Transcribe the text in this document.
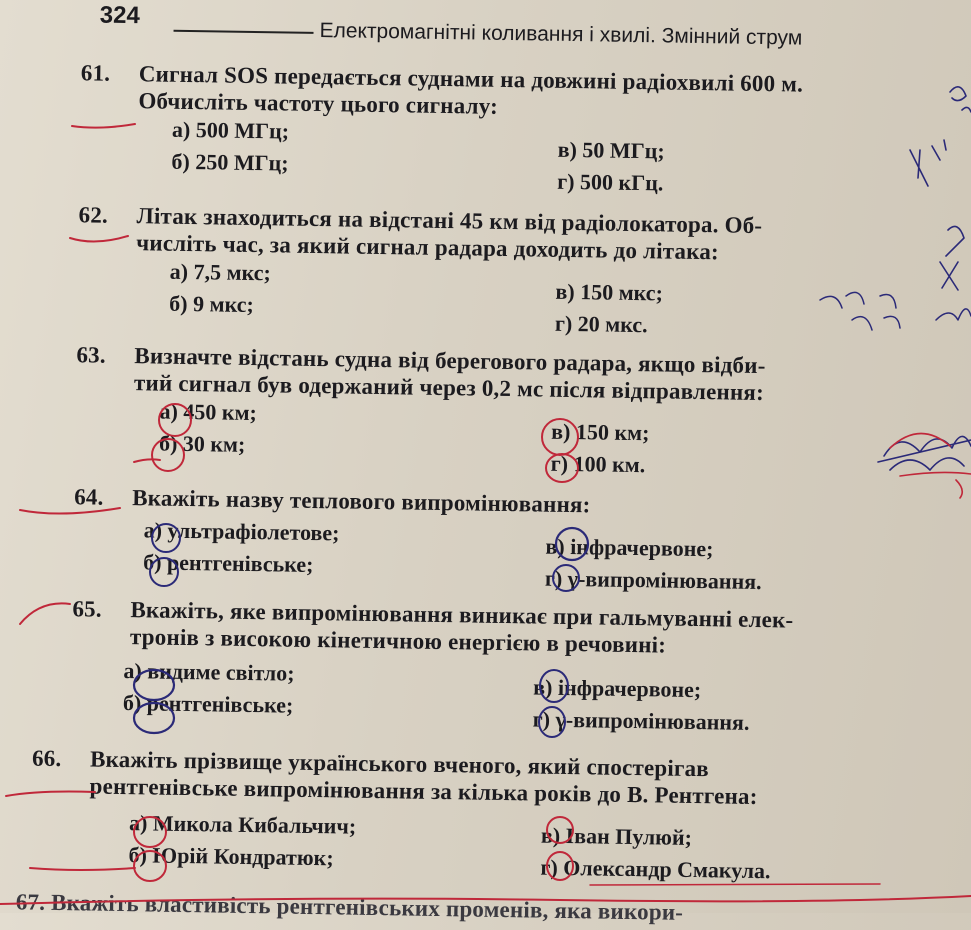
324
Електромагнітні коливання і хвилі. Змінний струм
61. Сигнал SOS передається суднами на довжині радіохвилі 600 м.
Обчисліть частоту цього сигналу:
а) 500 МГц;
б) 250 МГц;	в) 50 МГц;
г) 500 кГц.
62. Літак знаходиться на відстані 45 км від радіолокатора. Об-
числіть час, за який сигнал радара доходить до літака:
а) 7,5 мкс;
б) 9 мкс;	в) 150 мкс;
г) 20 мкс.
63. Визначте відстань судна від берегового радара, якщо відби-
тий сигнал був одержаний через 0,2 мс після відправлення:
а) 450 км;
б) 30 км;	в) 150 км;
г) 100 км.
64. Вкажіть назву теплового випромінювання:
а) ультрафіолетове;
б) рентгенівське;
в) інфрачервоне;
г) γ-випромінювання.
65. Вкажіть, яке випромінювання виникає при гальмуванні елек-
тронів з високою кінетичною енергією в речовині:
а) видиме світло;
б) рентгенівське;
в) інфрачервоне;
г) γ-випромінювання.
66. Вкажіть прізвище українського вченого, який спостерігав
рентгенівське випромінювання за кілька років до В. Рентгена:
а) Микола Кибальчич;
б) Юрій Кондратюк;
в) Іван Пулюй;
г) Олександр Смакула.
67. Вкажіть властивість рентгенівських променів, яка викори-
